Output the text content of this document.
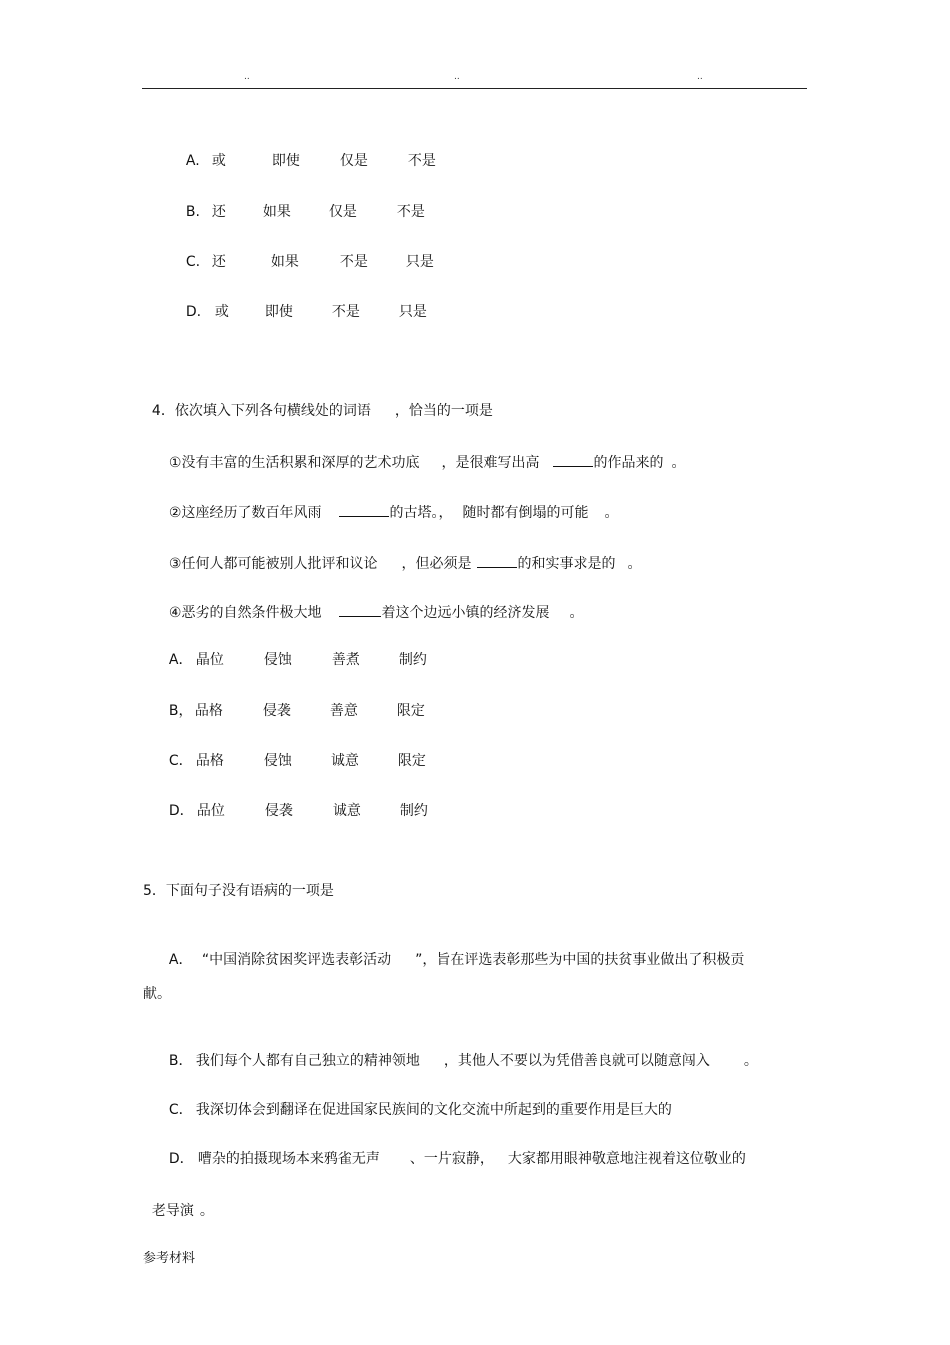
..	..	..

A. 或	即使	仅是	不是

B. 还	如果	仅是	不是

C. 还	如果	不是	只是

D. 或	即使	不是	只是

4．依次填入下列各句横线处的词语 ，恰当的一项是

①没有丰富的生活积累和深厚的艺术功底 ，是很难写出高	的作品来的 。

②这座经历了数百年风雨	的古塔。， 随时都有倒塌的可能 。

③任何人都可能被别人批评和议论 ，但必须是	的和实事求是的 。

④恶劣的自然条件极大地	着这个边远小镇的经济发展 。

A． 晶位	侵蚀	善煮	制约

B， 品格	侵袭	善意	限定

C． 品格	侵蚀	诚意	限定

D． 品位	侵袭	诚意	制约

5．下面句子没有语病的一项是

A． “中国消除贫困奖评选表彰活动 ”，旨在评选表彰那些为中国的扶贫事业做出了积极贡

献。

B． 我们每个人都有自己独立的精神领地 ，其他人不要以为凭借善良就可以随意闯入 。

C． 我深切体会到翻译在促进国家民族间的文化交流中所起到的重要作用是巨大的

D． 嘈杂的拍摄现场本来鸦雀无声 、一片寂静， 大家都用眼神敬意地注视着这位敬业的

老导演 。

参考材料
